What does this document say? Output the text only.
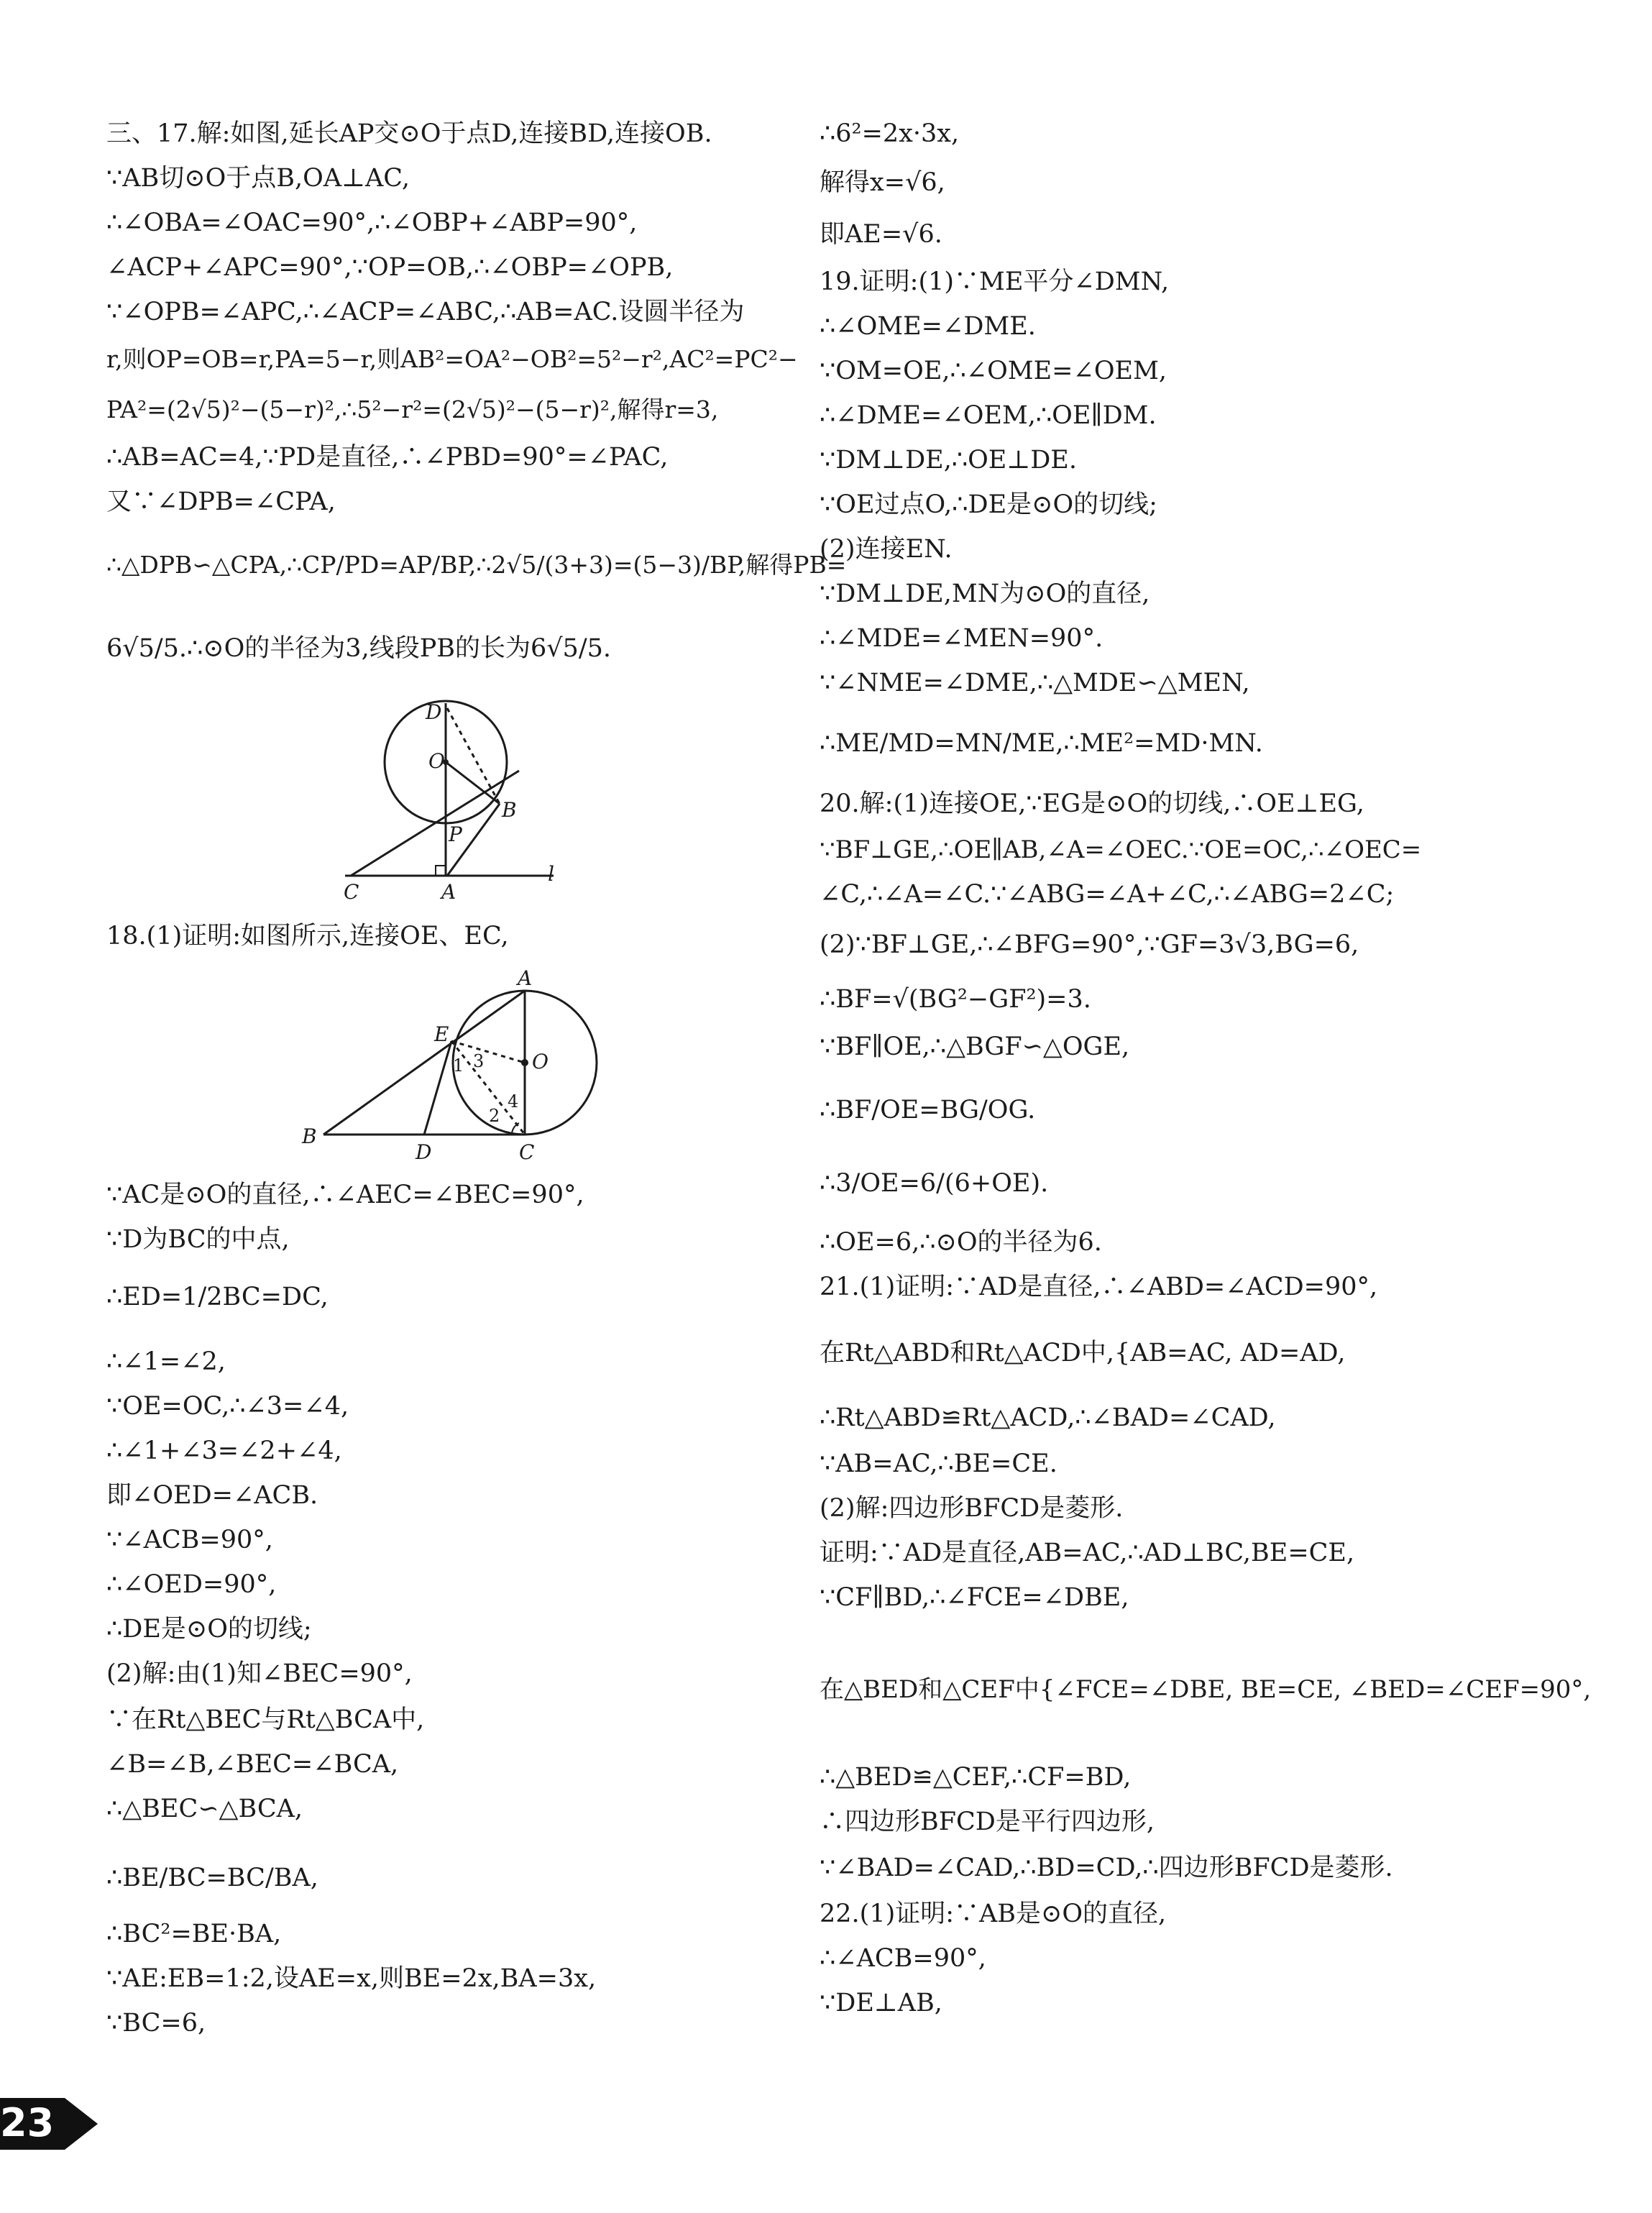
三、17.解:如图,延长AP交⊙O于点D,连接BD,连接OB.
∵AB切⊙O于点B,OA⊥AC,
∴∠OBA=∠OAC=90°,∴∠OBP+∠ABP=90°,
∠ACP+∠APC=90°,∵OP=OB,∴∠OBP=∠OPB,
∵∠OPB=∠APC,∴∠ACP=∠ABC,∴AB=AC.设圆半径为
r,则OP=OB=r,PA=5−r,则AB²=OA²−OB²=5²−r²,AC²=PC²−
PA²=(2√5)²−(5−r)²,∴5²−r²=(2√5)²−(5−r)²,解得r=3,
∴AB=AC=4,∵PD是直径,∴∠PBD=90°=∠PAC,
又∵∠DPB=∠CPA,
∴△DPB∽△CPA,∴CP/PD=AP/BP,∴2√5/(3+3)=(5−3)/BP,解得PB=
6√5/5.∴⊙O的半径为3,线段PB的长为6√5/5.
D
O
B
P
C	A
l
18.(1)证明:如图所示,连接OE、EC,
A
E
1 3 O
4
2
B
D	C
∵AC是⊙O的直径,∴∠AEC=∠BEC=90°,
∵D为BC的中点,
∴ED=1/2BC=DC,
∴∠1=∠2,
∵OE=OC,∴∠3=∠4,
∴∠1+∠3=∠2+∠4,
即∠OED=∠ACB.
∵∠ACB=90°,
∴∠OED=90°,
∴DE是⊙O的切线;
(2)解:由(1)知∠BEC=90°,
∵在Rt△BEC与Rt△BCA中,
∠B=∠B,∠BEC=∠BCA,
∴△BEC∽△BCA,
∴BE/BC=BC/BA,
∴BC²=BE·BA,
∵AE:EB=1:2,设AE=x,则BE=2x,BA=3x,
∵BC=6,
∴6²=2x·3x,
解得x=√6,
即AE=√6.
19.证明:(1)∵ME平分∠DMN,
∴∠OME=∠DME.
∵OM=OE,∴∠OME=∠OEM,
∴∠DME=∠OEM,∴OE∥DM.
∵DM⊥DE,∴OE⊥DE.
∵OE过点O,∴DE是⊙O的切线;
(2)连接EN.
∵DM⊥DE,MN为⊙O的直径,
∴∠MDE=∠MEN=90°.
∵∠NME=∠DME,∴△MDE∽△MEN,
∴ME/MD=MN/ME,∴ME²=MD·MN.
20.解:(1)连接OE,∵EG是⊙O的切线,∴OE⊥EG,
∵BF⊥GE,∴OE∥AB,∠A=∠OEC.∵OE=OC,∴∠OEC=
∠C,∴∠A=∠C.∵∠ABG=∠A+∠C,∴∠ABG=2∠C;
(2)∵BF⊥GE,∴∠BFG=90°,∵GF=3√3,BG=6,
∴BF=√(BG²−GF²)=3.
∵BF∥OE,∴△BGF∽△OGE,
∴BF/OE=BG/OG.
∴3/OE=6/(6+OE).
∴OE=6,∴⊙O的半径为6.
21.(1)证明:∵AD是直径,∴∠ABD=∠ACD=90°,
在Rt△ABD和Rt△ACD中,{AB=AC, AD=AD,
∴Rt△ABD≌Rt△ACD,∴∠BAD=∠CAD,
∵AB=AC,∴BE=CE.
(2)解:四边形BFCD是菱形.
证明:∵AD是直径,AB=AC,∴AD⊥BC,BE=CE,
∵CF∥BD,∴∠FCE=∠DBE,
在△BED和△CEF中{∠FCE=∠DBE, BE=CE, ∠BED=∠CEF=90°,
∴△BED≌△CEF,∴CF=BD,
∴四边形BFCD是平行四边形,
∵∠BAD=∠CAD,∴BD=CD,∴四边形BFCD是菱形.
22.(1)证明:∵AB是⊙O的直径,
∴∠ACB=90°,
∵DE⊥AB,
23
